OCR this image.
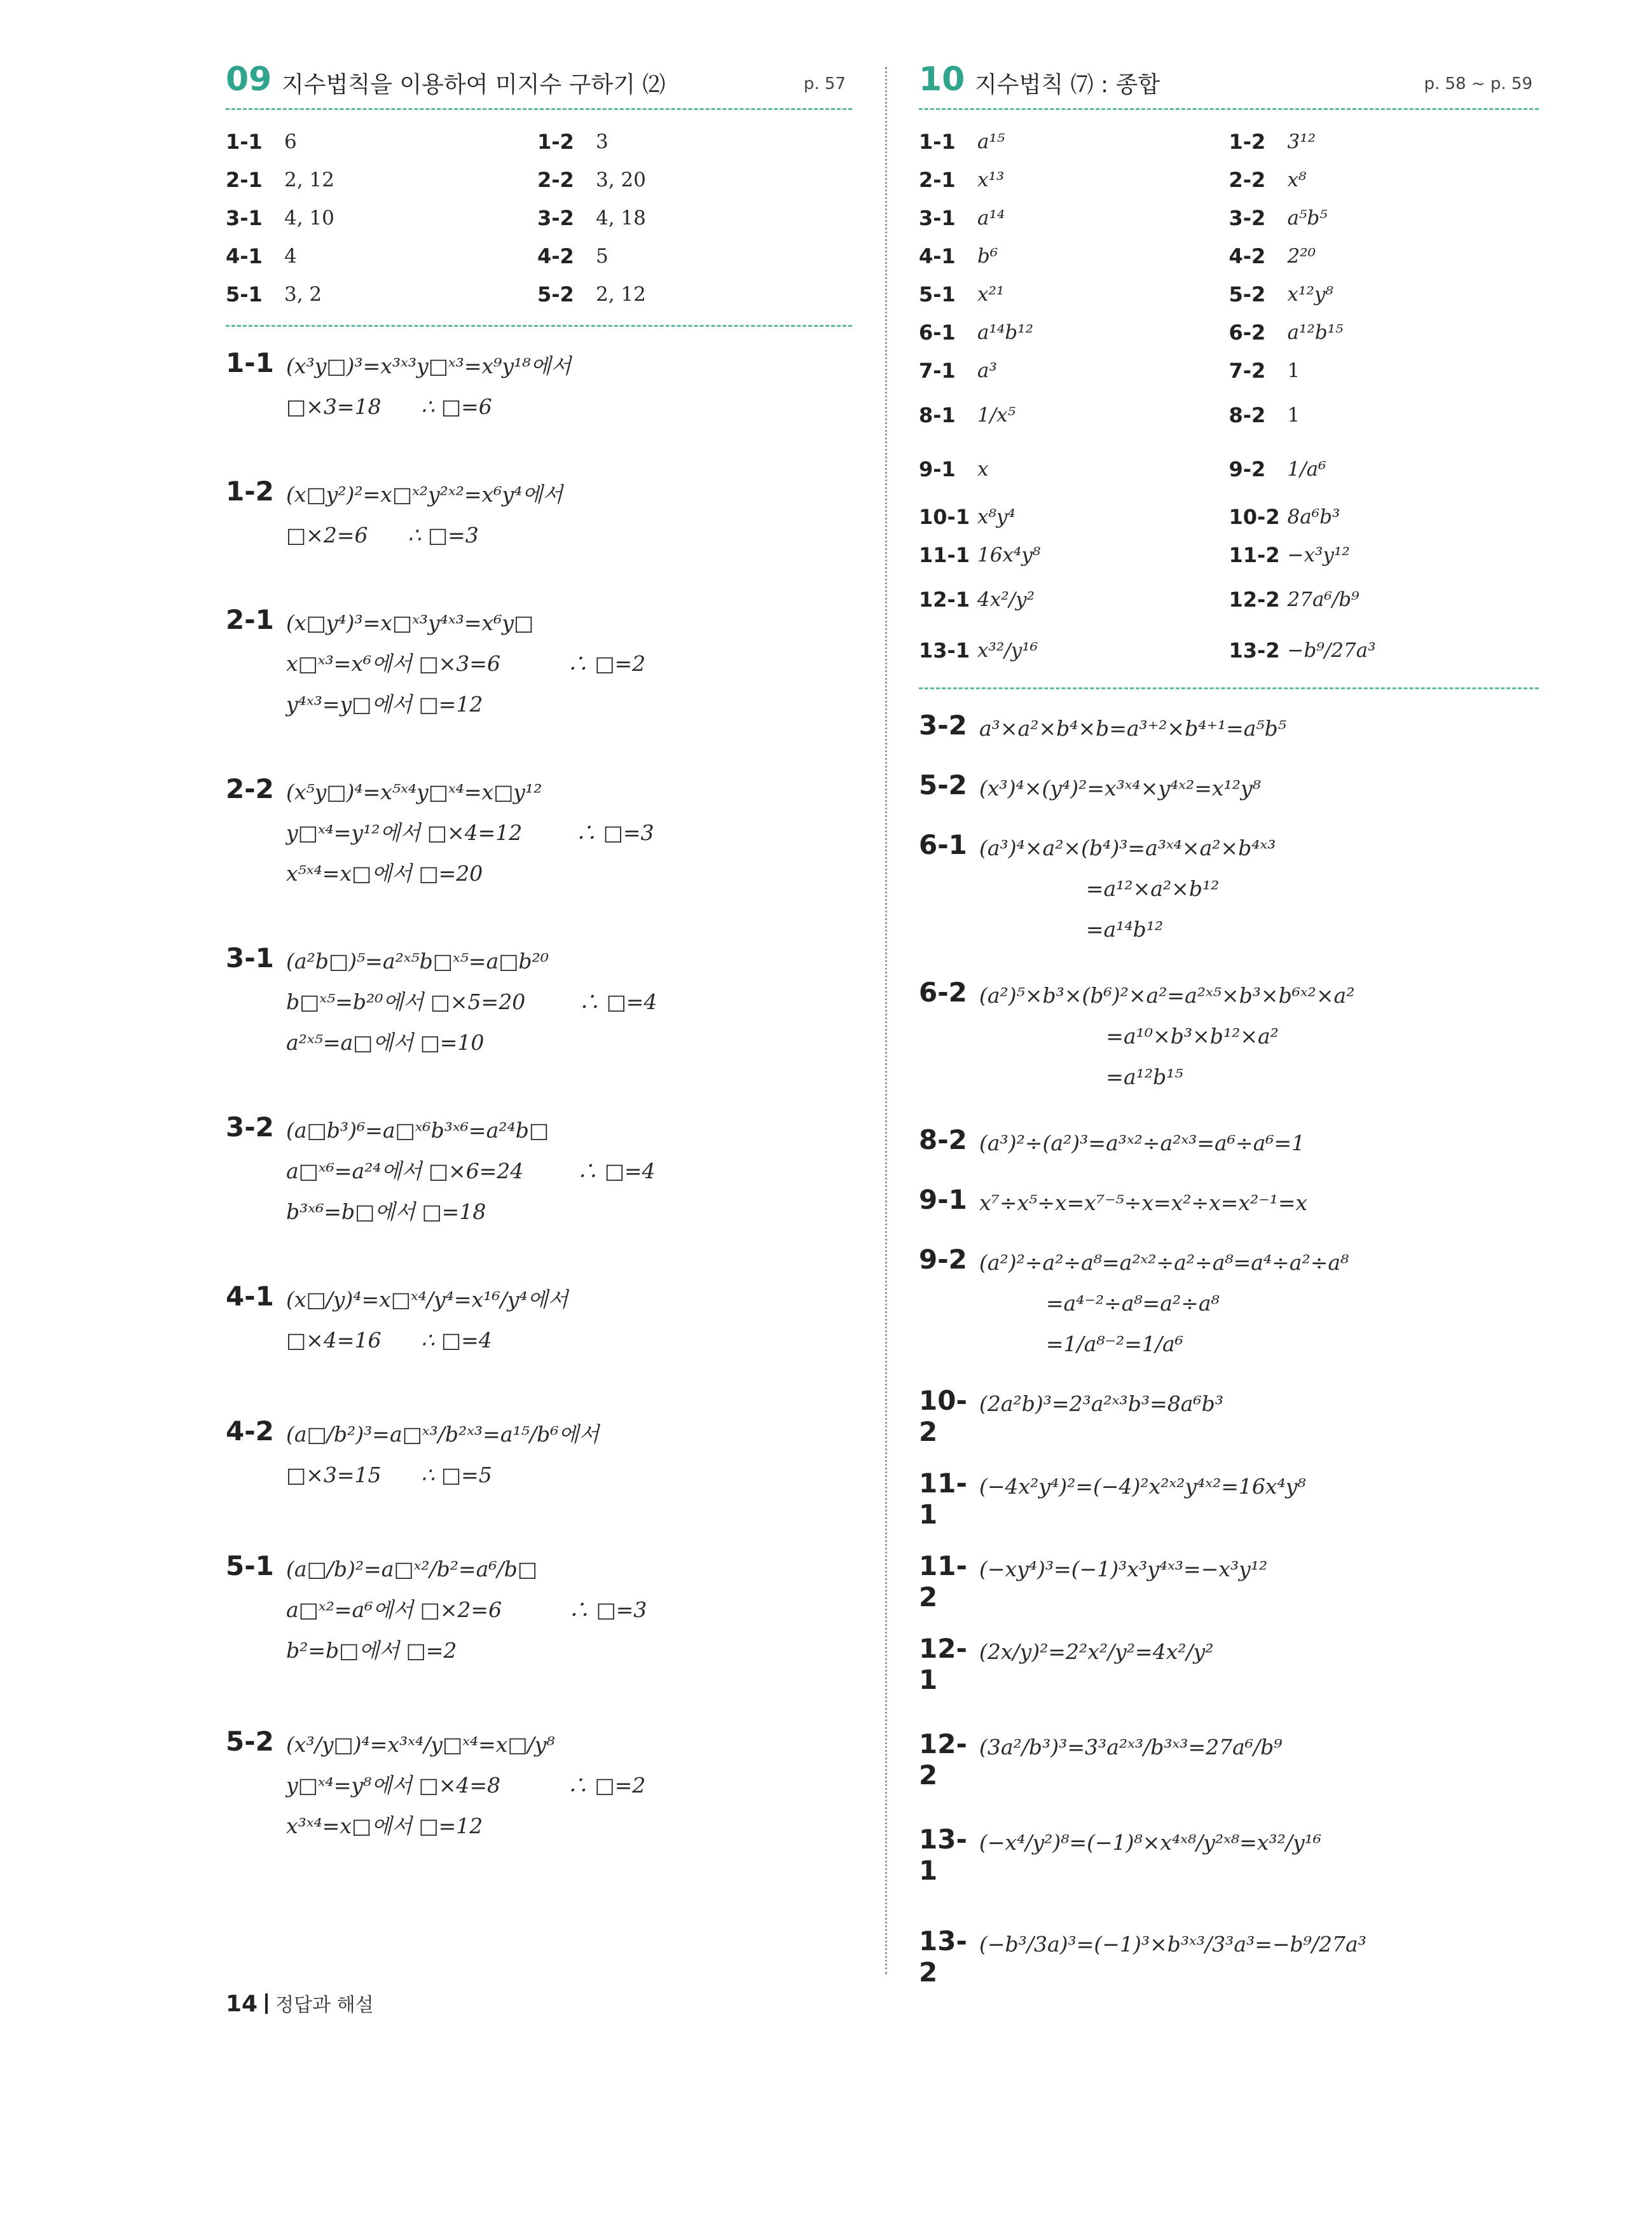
09 지수법칙을 이용하여 미지수 구하기 ⑵	p. 57
1-1	6	1-2	3
2-1	2, 12	2-2	3, 20
3-1	4, 10	3-2	4, 18
4-1	4	4-2	5
5-1	3, 2	5-2	2, 12
1-1 (x³y□)³=x³ˣ³y□ˣ³=x⁹y¹⁸에서
□×3=18      ∴ □=6
1-2 (x□y²)²=x□ˣ²y²ˣ²=x⁶y⁴에서
□×2=6      ∴ □=3
2-1 (x□y⁴)³=x□ˣ³y⁴ˣ³=x⁶y□
x□ˣ³=x⁶에서 □×3=6          ∴ □=2
y⁴ˣ³=y□에서 □=12
2-2 (x⁵y□)⁴=x⁵ˣ⁴y□ˣ⁴=x□y¹²
y□ˣ⁴=y¹²에서 □×4=12        ∴ □=3
x⁵ˣ⁴=x□에서 □=20
3-1 (a²b□)⁵=a²ˣ⁵b□ˣ⁵=a□b²⁰
b□ˣ⁵=b²⁰에서 □×5=20        ∴ □=4
a²ˣ⁵=a□에서 □=10
3-2 (a□b³)⁶=a□ˣ⁶b³ˣ⁶=a²⁴b□
a□ˣ⁶=a²⁴에서 □×6=24        ∴ □=4
b³ˣ⁶=b□에서 □=18
4-1 (x□/y)⁴=x□ˣ⁴/y⁴=x¹⁶/y⁴에서
□×4=16      ∴ □=4
4-2 (a□/b²)³=a□ˣ³/b²ˣ³=a¹⁵/b⁶에서
□×3=15      ∴ □=5
5-1 (a□/b)²=a□ˣ²/b²=a⁶/b□
a□ˣ²=a⁶에서 □×2=6          ∴ □=3
b²=b□에서 □=2
5-2 (x³/y□)⁴=x³ˣ⁴/y□ˣ⁴=x□/y⁸
y□ˣ⁴=y⁸에서 □×4=8          ∴ □=2
x³ˣ⁴=x□에서 □=12
10 지수법칙 ⑺ : 종합	p. 58 ~ p. 59
1-1	a¹⁵	1-2	3¹²
2-1	x¹³	2-2	x⁸
3-1	a¹⁴	3-2	a⁵b⁵
4-1	b⁶	4-2	2²⁰
5-1	x²¹	5-2	x¹²y⁸
6-1	a¹⁴b¹²	6-2	a¹²b¹⁵
7-1	a³	7-2	1
8-1	1/x⁵	8-2	1
9-1	x	9-2	1/a⁶
10-1 x⁸y⁴	10-2 8a⁶b³
11-1 16x⁴y⁸	11-2 −x³y¹²
12-1 4x²/y²	12-2 27a⁶/b⁹
13-1 x³²/y¹⁶	13-2 −b⁹/27a³
3-2 a³×a²×b⁴×b=a³⁺²×b⁴⁺¹=a⁵b⁵
5-2 (x³)⁴×(y⁴)²=x³ˣ⁴×y⁴ˣ²=x¹²y⁸
6-1 (a³)⁴×a²×(b⁴)³=a³ˣ⁴×a²×b⁴ˣ³
=a¹²×a²×b¹²
=a¹⁴b¹²
6-2 (a²)⁵×b³×(b⁶)²×a²=a²ˣ⁵×b³×b⁶ˣ²×a²
=a¹⁰×b³×b¹²×a²
=a¹²b¹⁵
8-2 (a³)²÷(a²)³=a³ˣ²÷a²ˣ³=a⁶÷a⁶=1
9-1 x⁷÷x⁵÷x=x⁷⁻⁵÷x=x²÷x=x²⁻¹=x
9-2 (a²)²÷a²÷a⁸=a²ˣ²÷a²÷a⁸=a⁴÷a²÷a⁸
=a⁴⁻²÷a⁸=a²÷a⁸
=1/a⁸⁻²=1/a⁶
10-2
(2a²b)³=2³a²ˣ³b³=8a⁶b³
11-1
(−4x²y⁴)²=(−4)²x²ˣ²y⁴ˣ²=16x⁴y⁸
11-2
(−xy⁴)³=(−1)³x³y⁴ˣ³=−x³y¹²
12-1
(2x/y)²=2²x²/y²=4x²/y²
12-2
(3a²/b³)³=3³a²ˣ³/b³ˣ³=27a⁶/b⁹
13-1
(−x⁴/y²)⁸=(−1)⁸×x⁴ˣ⁸/y²ˣ⁸=x³²/y¹⁶
13-2
(−b³/3a)³=(−1)³×b³ˣ³/3³a³=−b⁹/27a³
14 정답과 해설
